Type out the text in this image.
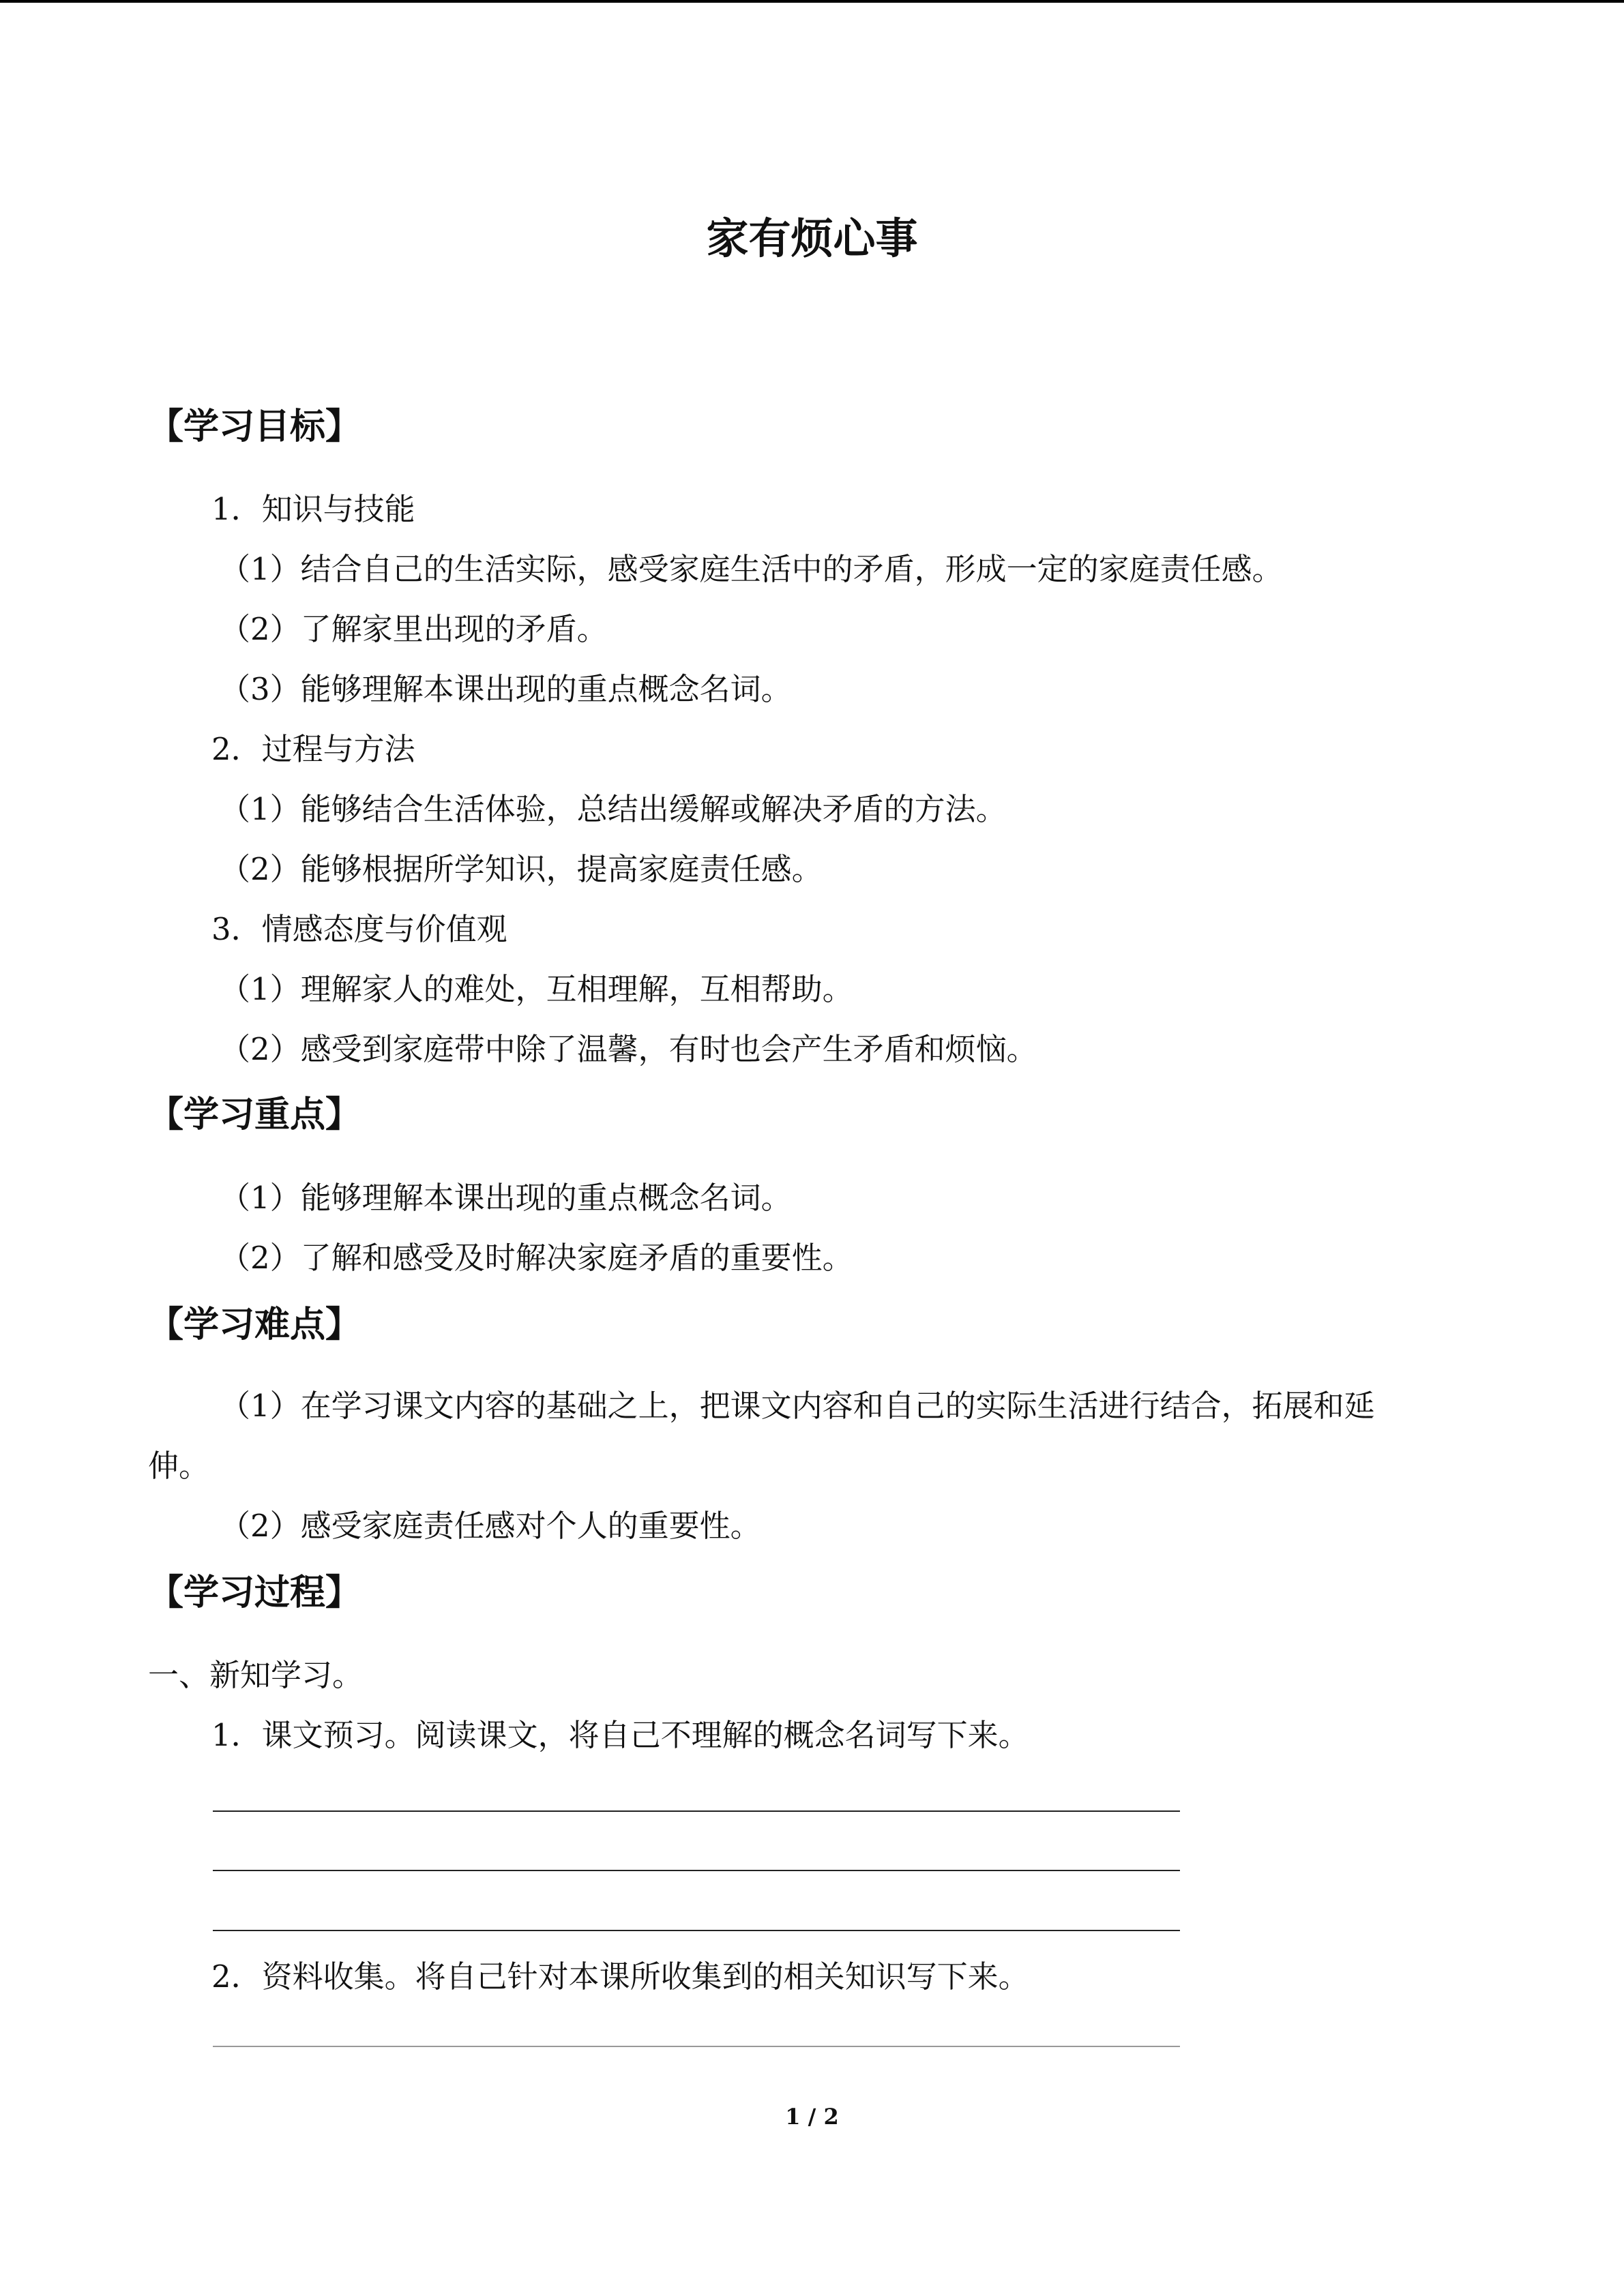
家有烦心事
【学习目标】
1．知识与技能
（1）结合自己的生活实际，感受家庭生活中的矛盾，形成一定的家庭责任感。
（2）了解家里出现的矛盾。
（3）能够理解本课出现的重点概念名词。
2．过程与方法
（1）能够结合生活体验，总结出缓解或解决矛盾的方法。
（2）能够根据所学知识，提高家庭责任感。
3．情感态度与价值观
（1）理解家人的难处，互相理解，互相帮助。
（2）感受到家庭带中除了温馨，有时也会产生矛盾和烦恼。
【学习重点】
（1）能够理解本课出现的重点概念名词。
（2）了解和感受及时解决家庭矛盾的重要性。
【学习难点】
（1）在学习课文内容的基础之上，把课文内容和自己的实际生活进行结合，拓展和延
伸。
（2）感受家庭责任感对个人的重要性。
【学习过程】
一、新知学习。
1．课文预习。阅读课文，将自己不理解的概念名词写下来。
2．资料收集。将自己针对本课所收集到的相关知识写下来。
1 / 2
